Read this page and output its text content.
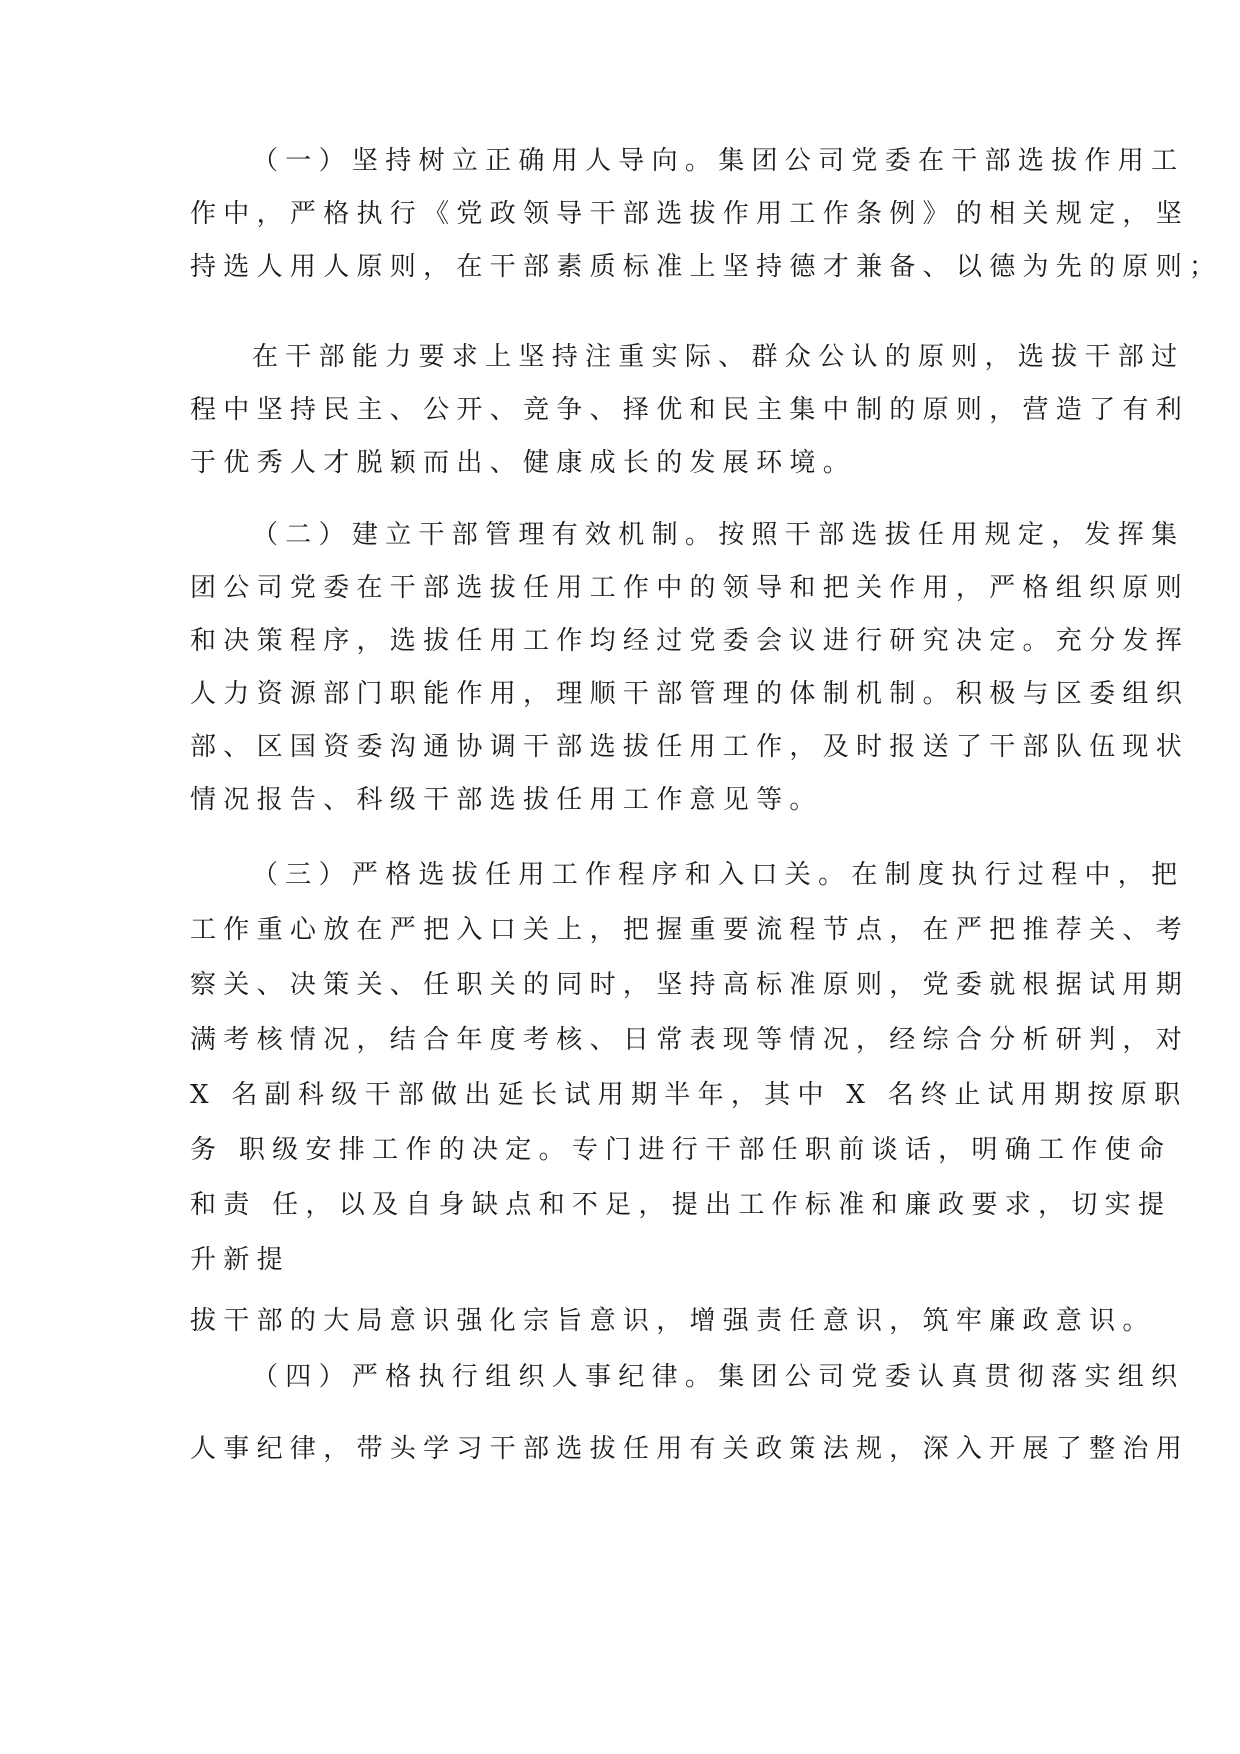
（一）坚持树立正确用人导向。集团公司党委在干部选拔作用工
作中，严格执行《党政领导干部选拔作用工作条例》的相关规定，坚
持选人用人原则，在干部素质标准上坚持德才兼备、以德为先的原则；
在干部能力要求上坚持注重实际、群众公认的原则，选拔干部过
程中坚持民主、公开、竞争、择优和民主集中制的原则，营造了有利
于优秀人才脱颖而出、健康成长的发展环境。
（二）建立干部管理有效机制。按照干部选拔任用规定，发挥集
团公司党委在干部选拔任用工作中的领导和把关作用，严格组织原则
和决策程序，选拔任用工作均经过党委会议进行研究决定。充分发挥
人力资源部门职能作用，理顺干部管理的体制机制。积极与区委组织
部、区国资委沟通协调干部选拔任用工作，及时报送了干部队伍现状
情况报告、科级干部选拔任用工作意见等。
（三）严格选拔任用工作程序和入口关。在制度执行过程中，把
工作重心放在严把入口关上，把握重要流程节点，在严把推荐关、考
察关、决策关、任职关的同时，坚持高标准原则，党委就根据试用期
满考核情况，结合年度考核、日常表现等情况，经综合分析研判，对
X 名副科级干部做出延长试用期半年，其中 X 名终止试用期按原职
务 职级安排工作的决定。专门进行干部任职前谈话，明确工作使命
和责 任，以及自身缺点和不足，提出工作标准和廉政要求，切实提
升新提
拔干部的大局意识强化宗旨意识，增强责任意识，筑牢廉政意识。
（四）严格执行组织人事纪律。集团公司党委认真贯彻落实组织
人事纪律，带头学习干部选拔任用有关政策法规，深入开展了整治用
